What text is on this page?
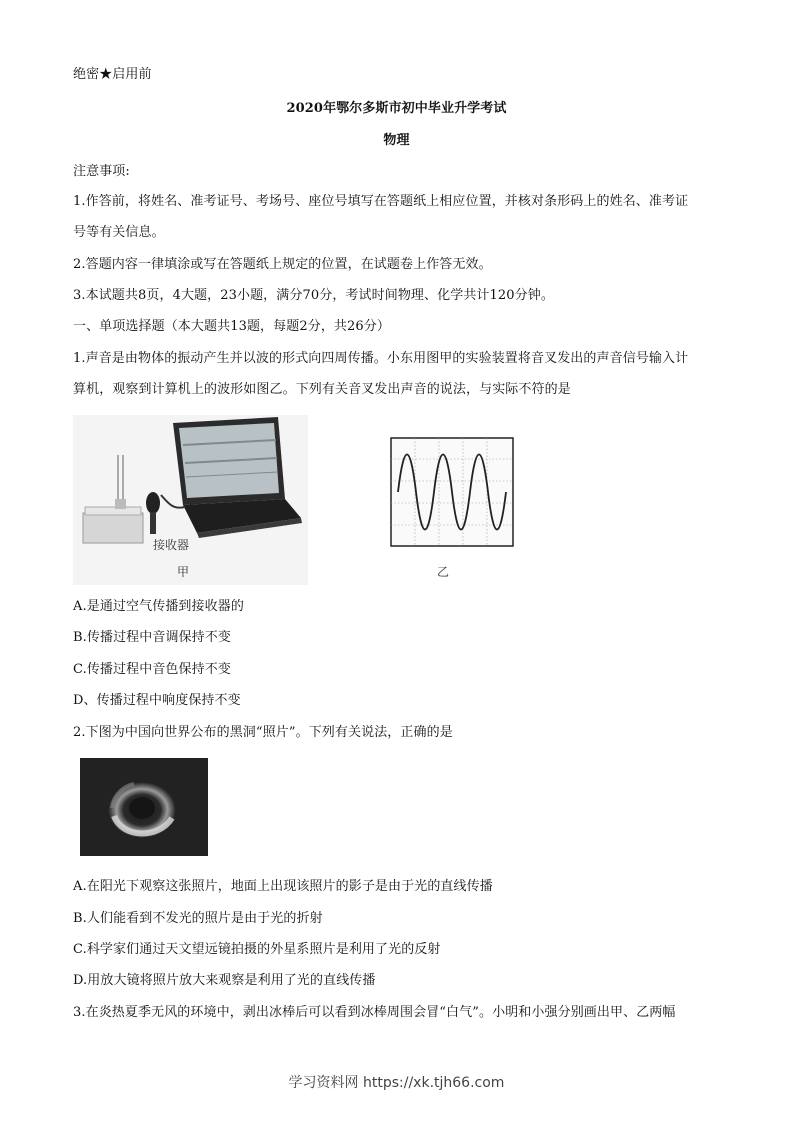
绝密★启用前
2020年鄂尔多斯市初中毕业升学考试
物理
注意事项:
1.作答前，将姓名、准考证号、考场号、座位号填写在答题纸上相应位置，并核对条形码上的姓名、准考证
号等有关信息。
2.答题内容一律填涂或写在答题纸上规定的位置，在试题卷上作答无效。
3.本试题共8页，4大题，23小题，满分70分，考试时间物理、化学共计120分钟。
一、单项选择题（本大题共13题，每题2分，共26分）
1.声音是由物体的振动产生并以波的形式向四周传播。小东用图甲的实验装置将音叉发出的声音信号输入计
算机，观察到计算机上的波形如图乙。下列有关音叉发出声音的说法，与实际不符的是
接收器
甲	乙
A.是通过空气传播到接收器的
B.传播过程中音调保持不变
C.传播过程中音色保持不变
D、传播过程中响度保持不变
2.下图为中国向世界公布的黑洞“照片”。下列有关说法，正确的是
A.在阳光下观察这张照片，地面上出现该照片的影子是由于光的直线传播
B.人们能看到不发光的照片是由于光的折射
C.科学家们通过天文望远镜拍摄的外星系照片是利用了光的反射
D.用放大镜将照片放大来观察是利用了光的直线传播
3.在炎热夏季无风的环境中，剥出冰棒后可以看到冰棒周围会冒“白气”。小明和小强分别画出甲、乙两幅
学习资料网 https://xk.tjh66.com
